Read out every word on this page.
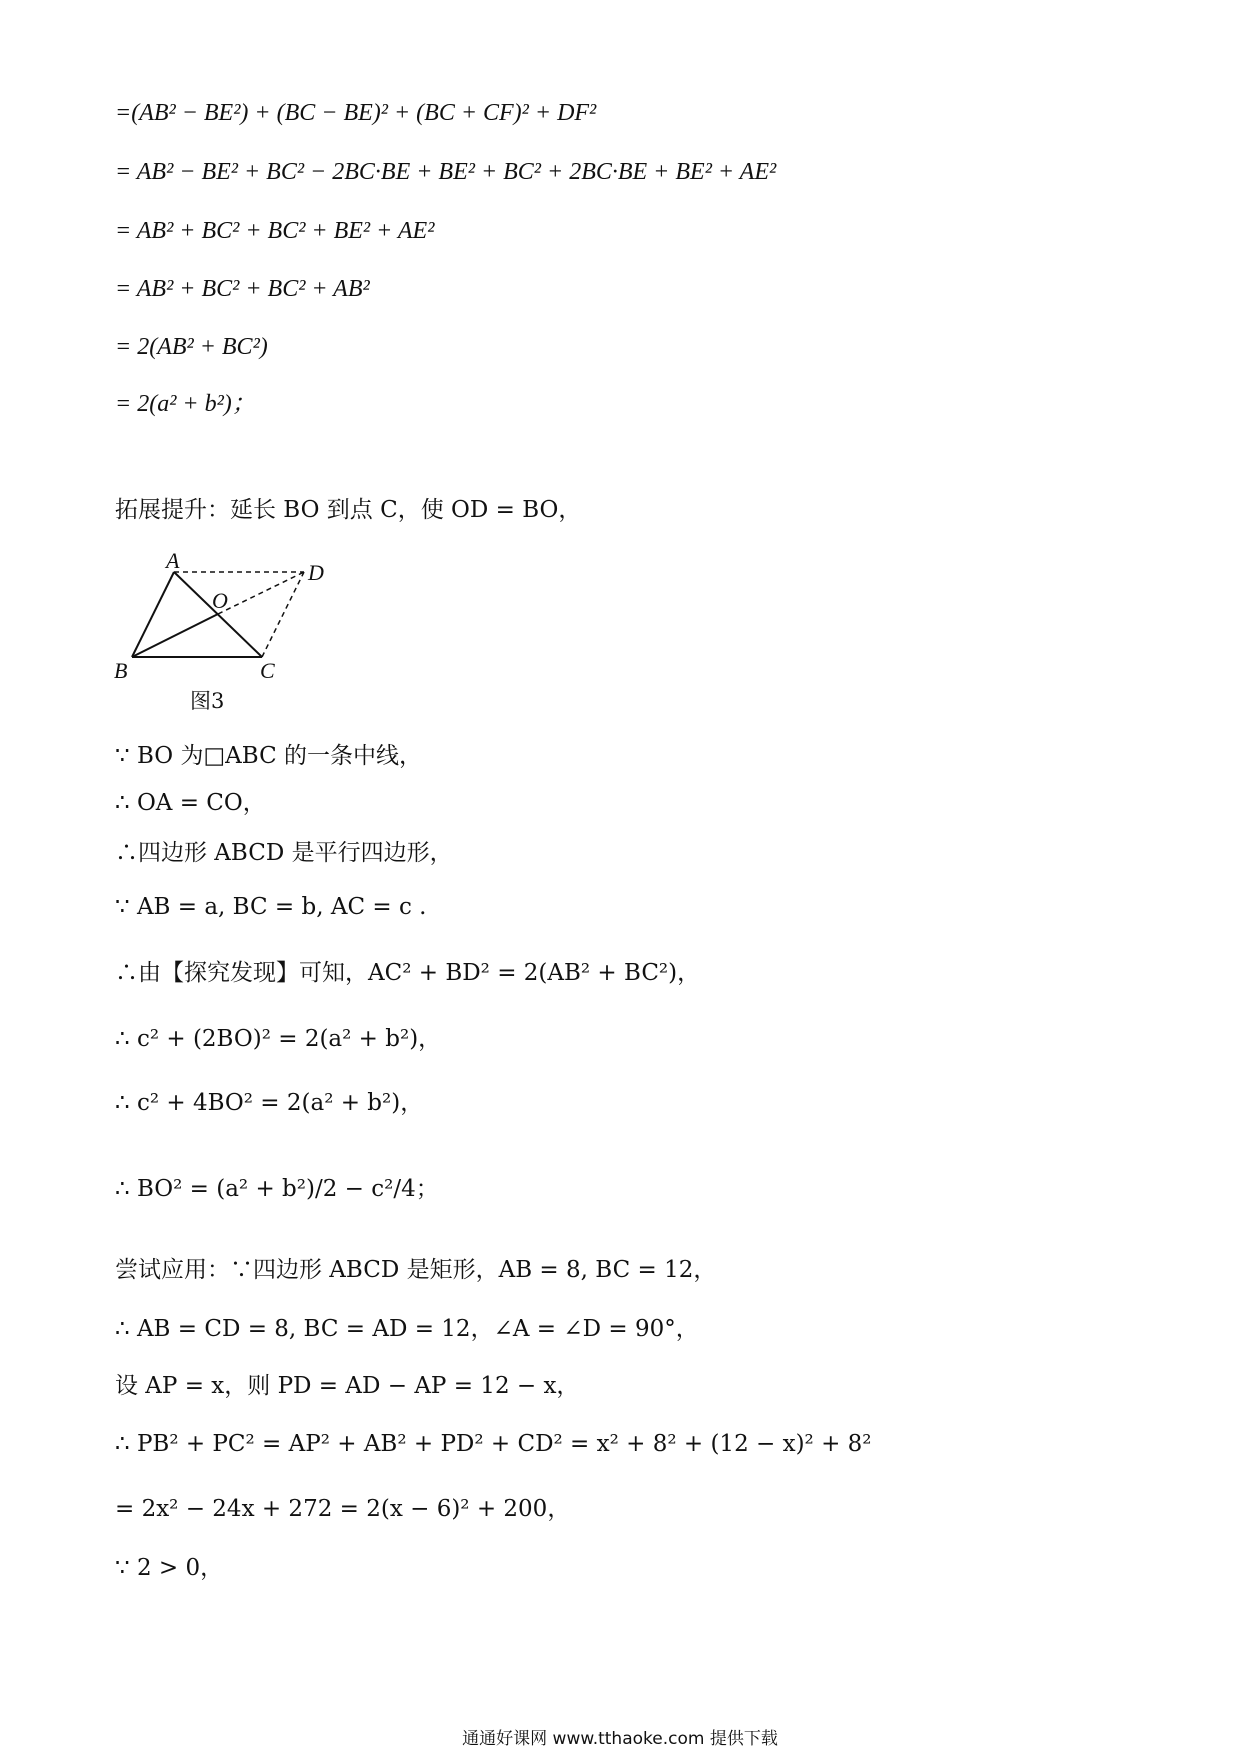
=(AB² − BE²) + (BC − BE)² + (BC + CF)² + DF²
= AB² − BE² + BC² − 2BC·BE + BE² + BC² + 2BC·BE + BE² + AE²
= AB² + BC² + BC² + BE² + AE²
= AB² + BC² + BC² + AB²
= 2(AB² + BC²)
= 2(a² + b²)；
拓展提升：延长 BO 到点 C，使 OD = BO，
A
B	C
D
O
图3
∵ BO 为□ABC 的一条中线，
∴ OA = CO，
∴四边形 ABCD 是平行四边形，
∵ AB = a, BC = b, AC = c .
∴由【探究发现】可知，AC² + BD² = 2(AB² + BC²)，
∴ c² + (2BO)² = 2(a² + b²)，
∴ c² + 4BO² = 2(a² + b²)，
∴ BO² = (a² + b²)/2 − c²/4；
尝试应用：∵四边形 ABCD 是矩形，AB = 8, BC = 12，
∴ AB = CD = 8, BC = AD = 12，∠A = ∠D = 90°，
设 AP = x，则 PD = AD − AP = 12 − x，
∴ PB² + PC² = AP² + AB² + PD² + CD² = x² + 8² + (12 − x)² + 8²
= 2x² − 24x + 272 = 2(x − 6)² + 200，
∵ 2 > 0，
通通好课网 www.tthaoke.com 提供下载
